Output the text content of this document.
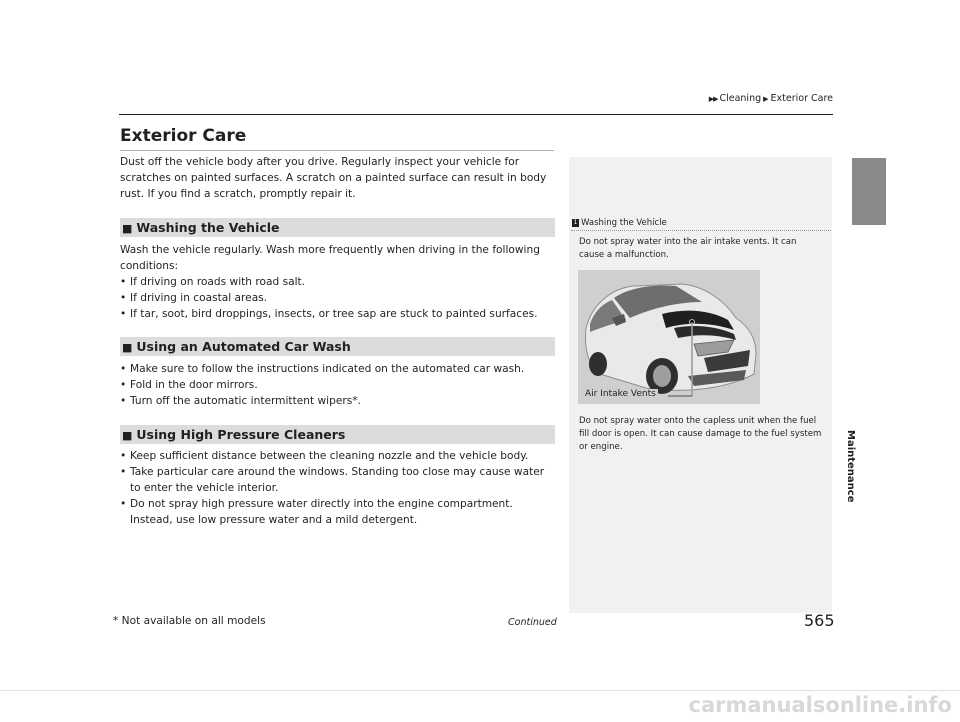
▶▶ Cleaning ▶ Exterior Care
Exterior Care

Dust off the vehicle body after you drive. Regularly inspect your vehicle for scratches on painted surfaces. A scratch on a painted surface can result in body rust. If you find a scratch, promptly repair it.

■ Washing the Vehicle

Wash the vehicle regularly. Wash more frequently when driving in the following conditions:

• If driving on roads with road salt.
• If driving in coastal areas.
• If tar, soot, bird droppings, insects, or tree sap are stuck to painted surfaces.
■ Using an Automated Car Wash
• Make sure to follow the instructions indicated on the automated car wash.
• Fold in the door mirrors.
• Turn off the automatic intermittent wipers*.
■ Using High Pressure Cleaners
• Keep sufficient distance between the cleaning nozzle and the vehicle body.
• Take particular care around the windows. Standing too close may cause water to enter the vehicle interior.
• Do not spray high pressure water directly into the engine compartment. Instead, use low pressure water and a mild detergent.
1 Washing the Vehicle

Do not spray water into the air intake vents. It can cause a malfunction.

Air Intake Vents

Do not spray water onto the capless unit when the fuel fill door is open. It can cause damage to the fuel system or engine.	Maintenance
* Not available on all models	Continued	565
carmanualsonline.info
